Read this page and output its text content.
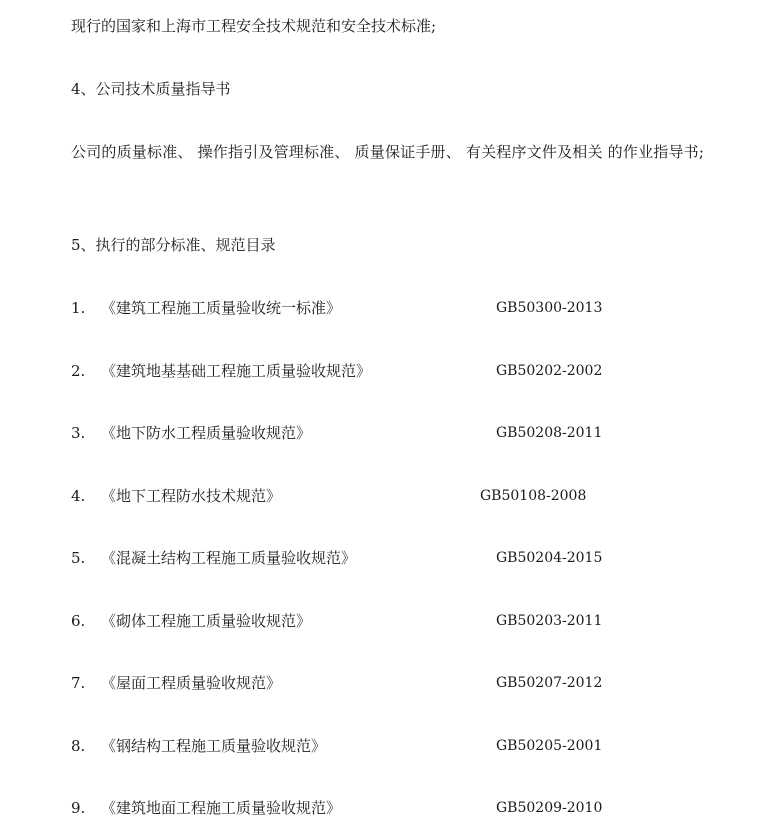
现行的国家和上海市工程安全技术规范和安全技术标准;
4、公司技术质量指导书
公司的质量标准、 操作指引及管理标准、 质量保证手册、 有关程序文件及相关 的作业指导书;
5、执行的部分标准、规范目录
1. 《建筑工程施工质量验收统一标准》	GB50300-2013
2. 《建筑地基基础工程施工质量验收规范》	GB50202-2002
3. 《地下防水工程质量验收规范》	GB50208-2011
4. 《地下工程防水技术规范》	GB50108-2008
5. 《混凝土结构工程施工质量验收规范》	GB50204-2015
6. 《砌体工程施工质量验收规范》	GB50203-2011
7. 《屋面工程质量验收规范》	GB50207-2012
8. 《钢结构工程施工质量验收规范》	GB50205-2001
9. 《建筑地面工程施工质量验收规范》	GB50209-2010
